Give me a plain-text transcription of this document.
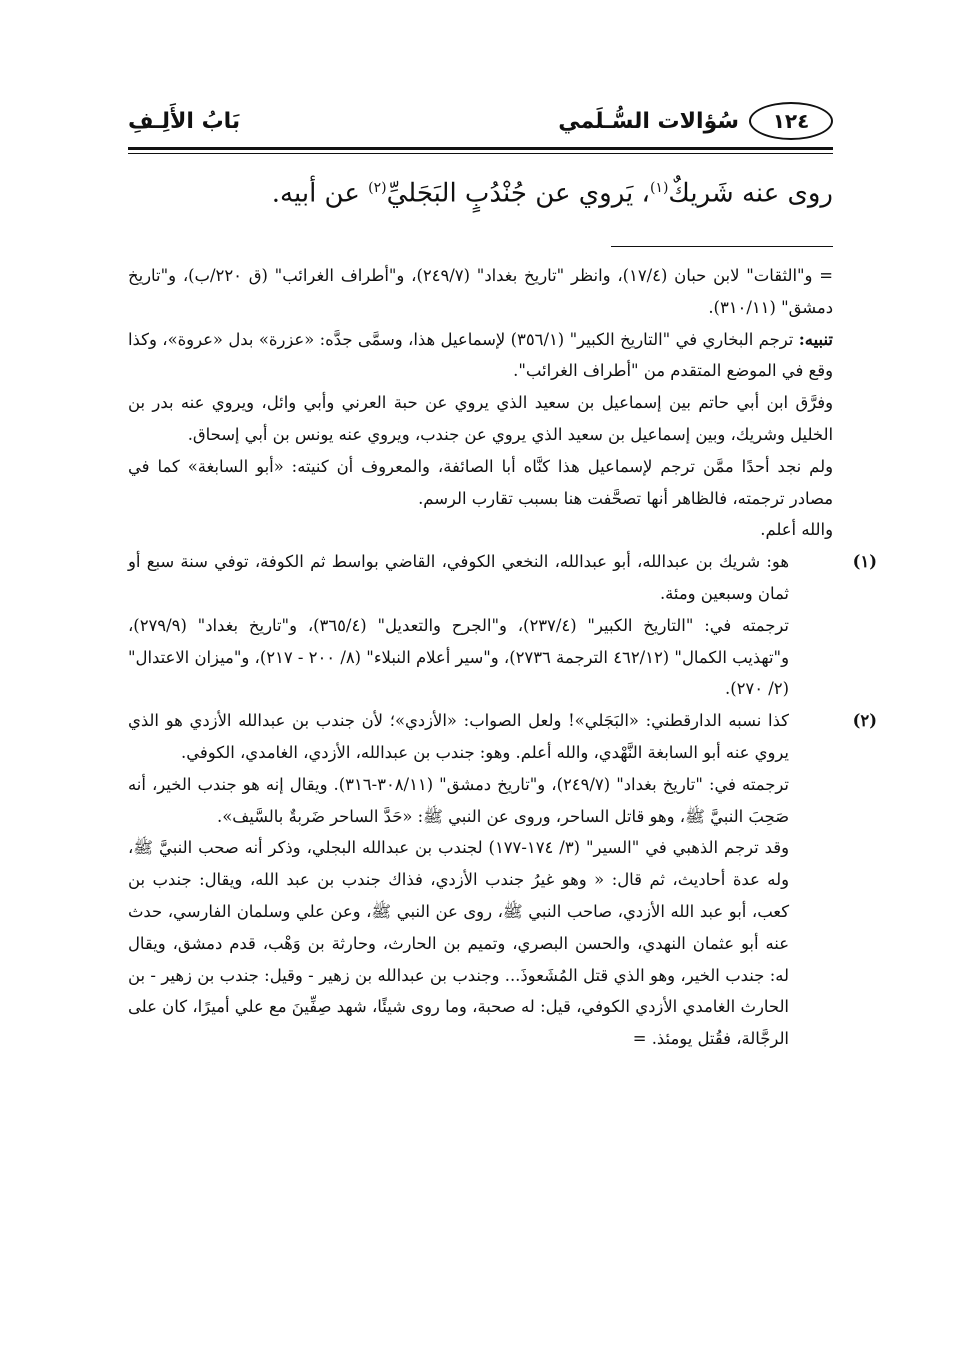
١٢٤
سُؤالات السُّـلَمي
بَابُ الأَلِـفِ
روى عنه شَريكٌ$^{(١)}$، يَروي عن جُنْدُبٍ البَجَليِّ$^{(٢)}$ عن أبيه.

= و"الثقات" لابن حبان (١٧/٤)، وانظر "تاريخ بغداد" (٢٤٩/٧)، و"أطراف الغرائب" (ق ٢٢٠/ب)، و"تاريخ دمشق" (٣١٠/١١).

تنبيه: ترجم البخاري في "التاريخ الكبير" (٣٥٦/١) لإسماعيل هذا، وسمَّى جدَّه: «عزرة» بدل «عروة»، وكذا وقع في الموضع المتقدم من "أطراف الغرائب".

وفرَّق ابن أبي حاتم بين إسماعيل بن سعيد الذي يروي عن حبة العرني وأبي وائل، ويروي عنه بدر بن الخليل وشريك، وبين إسماعيل بن سعيد الذي يروي عن جندب، ويروي عنه يونس بن أبي إسحاق.

ولم نجد أحدًا ممَّن ترجم لإسماعيل هذا كنَّاه أبا الصائفة، والمعروف أن كنيته: «أبو السابغة» كما في مصادر ترجمته، فالظاهر أنها تصحَّفت هنا بسبب تقارب الرسم.

والله أعلم.

(١)

هو: شريك بن عبدالله، أبو عبدالله، النخعي الكوفي، القاضي بواسط ثم الكوفة، توفي سنة سبع أو ثمان وسبعين ومئة.

ترجمته في: "التاريخ الكبير" (٢٣٧/٤)، و"الجرح والتعديل" (٣٦٥/٤)، و"تاريخ بغداد" (٢٧٩/٩)، و"تهذيب الكمال" (٤٦٢/١٢ الترجمة ٢٧٣٦)، و"سير أعلام النبلاء" (٨/ ٢٠٠ - ٢١٧)، و"ميزان الاعتدال" (٢/ ٢٧٠).

(٢)

كذا نسبه الدارقطني: «البَجَلي»! ولعل الصواب: «الأزدي»؛ لأن جندب بن عبدالله الأزدي هو الذي يروي عنه أبو السابغة النَّهْدي، والله أعلم. وهو: جندب بن عبدالله، الأزدي، الغامدي، الكوفي.

ترجمته في: "تاريخ بغداد" (٢٤٩/٧)، و"تاريخ دمشق" (٣٠٨/١١-٣١٦). ويقال إنه هو جندب الخير، أنه صَحِبَ النبيَّ ﷺ، وهو قاتل الساحر، وروى عن النبي ﷺ: «حَدَّ الساحر ضَربةٌ بالسَّيف».

وقد ترجم الذهبي في "السير" (٣/ ١٧٤-١٧٧) لجندب بن عبدالله البجلي، وذكر أنه صحب النبيَّ ﷺ، وله عدة أحاديث، ثم قال: « وهو غيرُ جندب الأزدي، فذاك جندب بن عبد الله، ويقال: جندب بن كعب، أبو عبد الله الأزدي، صاحب النبي ﷺ، روى عن النبي ﷺ، وعن علي وسلمان الفارسي، حدث عنه أبو عثمان النهدي، والحسن البصري، وتميم بن الحارث، وحارثة بن وَهْب، قدم دمشق، ويقال له: جندب الخير، وهو الذي قتل المُشَعوذَ... وجندب بن عبدالله بن زهير - وقيل: جندب بن زهير - بن الحارث الغامدي الأزدي الكوفي، قيل: له صحبة، وما روى شيئًا، شهد صِفِّينَ مع علي أميرًا، كان على الرجَّالة، فقُتل يومئذ. =
